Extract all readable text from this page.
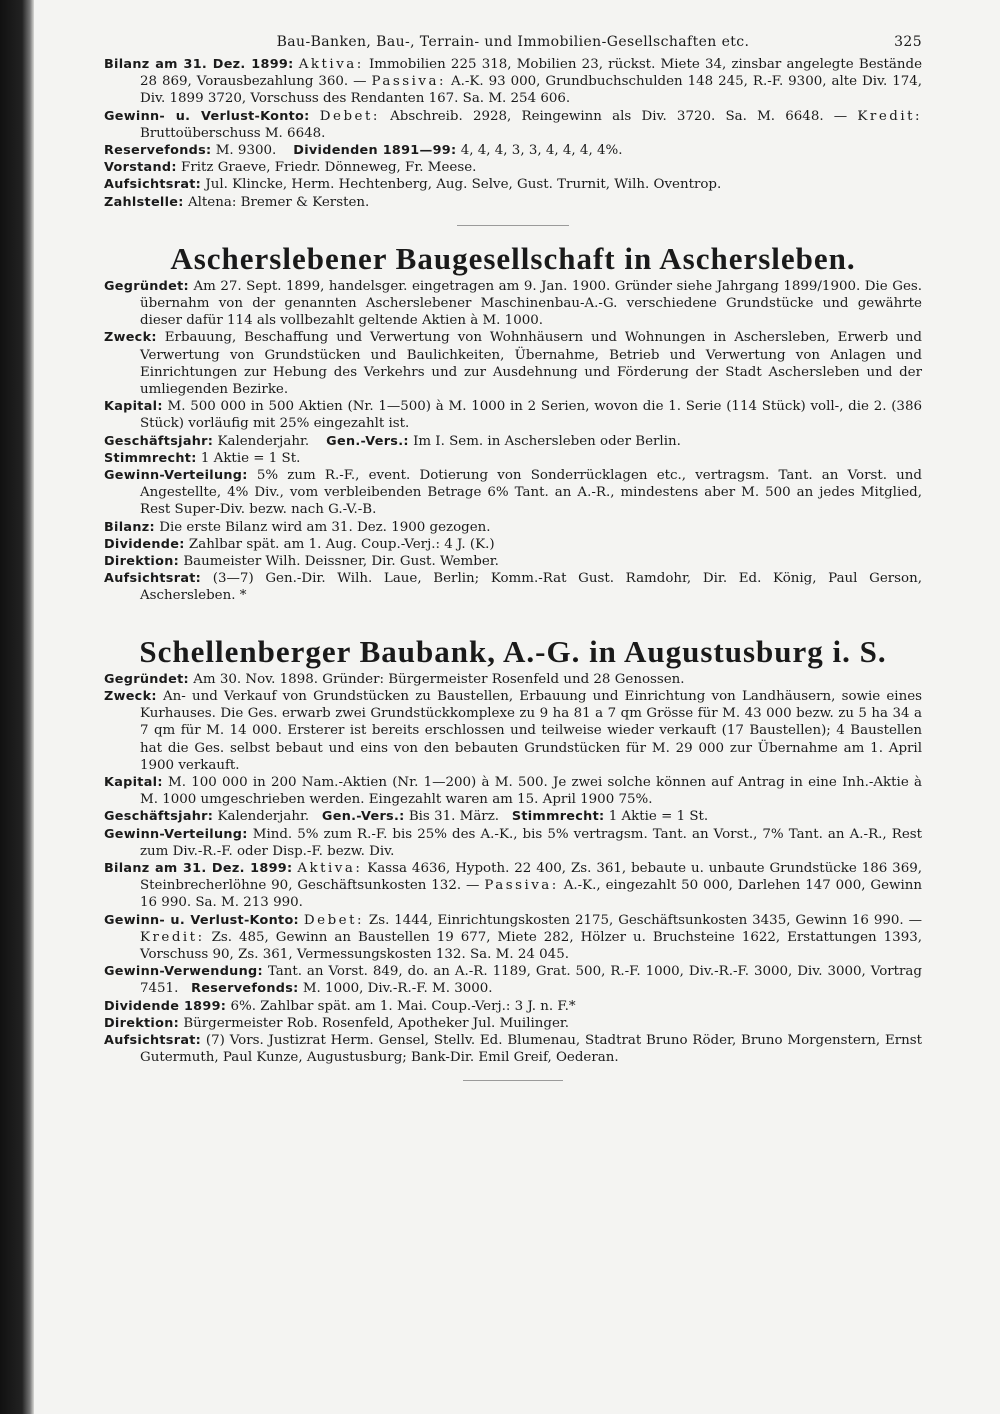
Bau-Banken, Bau-, Terrain- und Immobilien-Gesellschaften etc.	325

Bilanz am 31. Dez. 1899: Aktiva: Immobilien 225 318, Mobilien 23, rückst. Miete 34, zinsbar angelegte Bestände 28 869, Vorausbezahlung 360. — Passiva: A.-K. 93 000, Grundbuchschulden 148 245, R.-F. 9300, alte Div. 174, Div. 1899 3720, Vorschuss des Rendanten 167. Sa. M. 254 606.

Gewinn- u. Verlust-Konto: Debet: Abschreib. 2928, Reingewinn als Div. 3720. Sa. M. 6648. — Kredit: Bruttoüberschuss M. 6648.

Reservefonds: M. 9300. Dividenden 1891—99: 4, 4, 4, 3, 3, 4, 4, 4, 4%.

Vorstand: Fritz Graeve, Friedr. Dönneweg, Fr. Meese.

Aufsichtsrat: Jul. Klincke, Herm. Hechtenberg, Aug. Selve, Gust. Trurnit, Wilh. Oventrop.

Zahlstelle: Altena: Bremer & Kersten.

Ascherslebener Baugesellschaft in Aschersleben.

Gegründet: Am 27. Sept. 1899, handelsger. eingetragen am 9. Jan. 1900. Gründer siehe Jahrgang 1899/1900. Die Ges. übernahm von der genannten Ascherslebener Maschinenbau-A.-G. verschiedene Grundstücke und gewährte dieser dafür 114 als vollbezahlt geltende Aktien à M. 1000.

Zweck: Erbauung, Beschaffung und Verwertung von Wohnhäusern und Wohnungen in Aschersleben, Erwerb und Verwertung von Grundstücken und Baulichkeiten, Übernahme, Betrieb und Verwertung von Anlagen und Einrichtungen zur Hebung des Verkehrs und zur Ausdehnung und Förderung der Stadt Aschersleben und der umliegenden Bezirke.

Kapital: M. 500 000 in 500 Aktien (Nr. 1—500) à M. 1000 in 2 Serien, wovon die 1. Serie (114 Stück) voll-, die 2. (386 Stück) vorläufig mit 25% eingezahlt ist.

Geschäftsjahr: Kalenderjahr. Gen.-Vers.: Im I. Sem. in Aschersleben oder Berlin.

Stimmrecht: 1 Aktie = 1 St.

Gewinn-Verteilung: 5% zum R.-F., event. Dotierung von Sonderrücklagen etc., vertragsm. Tant. an Vorst. und Angestellte, 4% Div., vom verbleibenden Betrage 6% Tant. an A.-R., mindestens aber M. 500 an jedes Mitglied, Rest Super-Div. bezw. nach G.-V.-B.

Bilanz: Die erste Bilanz wird am 31. Dez. 1900 gezogen.

Dividende: Zahlbar spät. am 1. Aug. Coup.-Verj.: 4 J. (K.)

Direktion: Baumeister Wilh. Deissner, Dir. Gust. Wember.

Aufsichtsrat: (3—7) Gen.-Dir. Wilh. Laue, Berlin; Komm.-Rat Gust. Ramdohr, Dir. Ed. König, Paul Gerson, Aschersleben. *

Schellenberger Baubank, A.-G. in Augustusburg i. S.

Gegründet: Am 30. Nov. 1898. Gründer: Bürgermeister Rosenfeld und 28 Genossen.

Zweck: An- und Verkauf von Grundstücken zu Baustellen, Erbauung und Einrichtung von Landhäusern, sowie eines Kurhauses. Die Ges. erwarb zwei Grundstückkomplexe zu 9 ha 81 a 7 qm Grösse für M. 43 000 bezw. zu 5 ha 34 a 7 qm für M. 14 000. Ersterer ist bereits erschlossen und teilweise wieder verkauft (17 Baustellen); 4 Baustellen hat die Ges. selbst bebaut und eins von den bebauten Grundstücken für M. 29 000 zur Übernahme am 1. April 1900 verkauft.

Kapital: M. 100 000 in 200 Nam.-Aktien (Nr. 1—200) à M. 500. Je zwei solche können auf Antrag in eine Inh.-Aktie à M. 1000 umgeschrieben werden. Eingezahlt waren am 15. April 1900 75%.

Geschäftsjahr: Kalenderjahr. Gen.-Vers.: Bis 31. März. Stimmrecht: 1 Aktie = 1 St.

Gewinn-Verteilung: Mind. 5% zum R.-F. bis 25% des A.-K., bis 5% vertragsm. Tant. an Vorst., 7% Tant. an A.-R., Rest zum Div.-R.-F. oder Disp.-F. bezw. Div.

Bilanz am 31. Dez. 1899: Aktiva: Kassa 4636, Hypoth. 22 400, Zs. 361, bebaute u. unbaute Grundstücke 186 369, Steinbrecherlöhne 90, Geschäftsunkosten 132. — Passiva: A.-K., eingezahlt 50 000, Darlehen 147 000, Gewinn 16 990. Sa. M. 213 990.

Gewinn- u. Verlust-Konto: Debet: Zs. 1444, Einrichtungskosten 2175, Geschäftsunkosten 3435, Gewinn 16 990. — Kredit: Zs. 485, Gewinn an Baustellen 19 677, Miete 282, Hölzer u. Bruchsteine 1622, Erstattungen 1393, Vorschuss 90, Zs. 361, Vermessungskosten 132. Sa. M. 24 045.

Gewinn-Verwendung: Tant. an Vorst. 849, do. an A.-R. 1189, Grat. 500, R.-F. 1000, Div.-R.-F. 3000, Div. 3000, Vortrag 7451. Reservefonds: M. 1000, Div.-R.-F. M. 3000.

Dividende 1899: 6%. Zahlbar spät. am 1. Mai. Coup.-Verj.: 3 J. n. F.*

Direktion: Bürgermeister Rob. Rosenfeld, Apotheker Jul. Muilinger.

Aufsichtsrat: (7) Vors. Justizrat Herm. Gensel, Stellv. Ed. Blumenau, Stadtrat Bruno Röder, Bruno Morgenstern, Ernst Gutermuth, Paul Kunze, Augustusburg; Bank-Dir. Emil Greif, Oederan.
